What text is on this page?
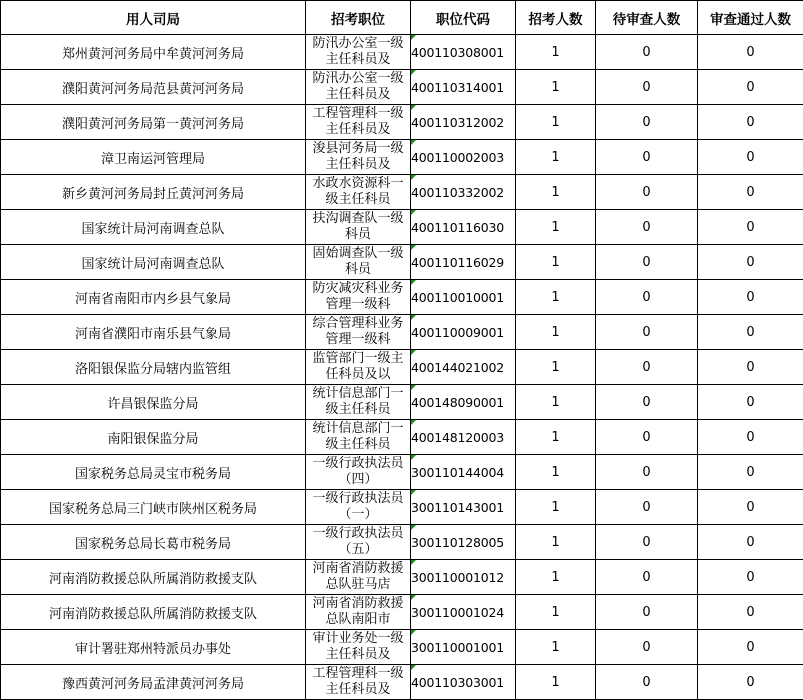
用人司局	招考职位	职位代码	招考人数	待审查人数	审查通过人数
郑州黄河河务局中牟黄河河务局	防汛办公室一级主任科员及	400110308001	1	0	0
濮阳黄河河务局范县黄河河务局	防汛办公室一级主任科员及	400110314001	1	0	0
濮阳黄河河务局第一黄河河务局	工程管理科一级主任科员及	400110312002	1	0	0
漳卫南运河管理局	浚县河务局一级主任科员及	400110002003	1	0	0
新乡黄河河务局封丘黄河河务局	水政水资源科一级主任科员	400110332002	1	0	0
国家统计局河南调查总队	扶沟调查队一级科员	400110116030	1	0	0
国家统计局河南调查总队	固始调查队一级科员	400110116029	1	0	0
河南省南阳市内乡县气象局	防灾减灾科业务管理一级科	400110010001	1	0	0
河南省濮阳市南乐县气象局	综合管理科业务管理一级科	400110009001	1	0	0
洛阳银保监分局辖内监管组	监管部门一级主任科员及以	400144021002	1	0	0
许昌银保监分局	统计信息部门一级主任科员	400148090001	1	0	0
南阳银保监分局	统计信息部门一级主任科员	400148120003	1	0	0
国家税务总局灵宝市税务局	一级行政执法员（四）	300110144004	1	0	0
国家税务总局三门峡市陕州区税务局	一级行政执法员（一）	300110143001	1	0	0
国家税务总局长葛市税务局	一级行政执法员（五）	300110128005	1	0	0
河南消防救援总队所属消防救援支队	河南省消防救援总队驻马店	300110001012	1	0	0
河南消防救援总队所属消防救援支队	河南省消防救援总队南阳市	300110001024	1	0	0
审计署驻郑州特派员办事处	审计业务处一级主任科员及	300110001001	1	0	0
豫西黄河河务局孟津黄河河务局	工程管理科一级主任科员及	400110303001	1	0	0
